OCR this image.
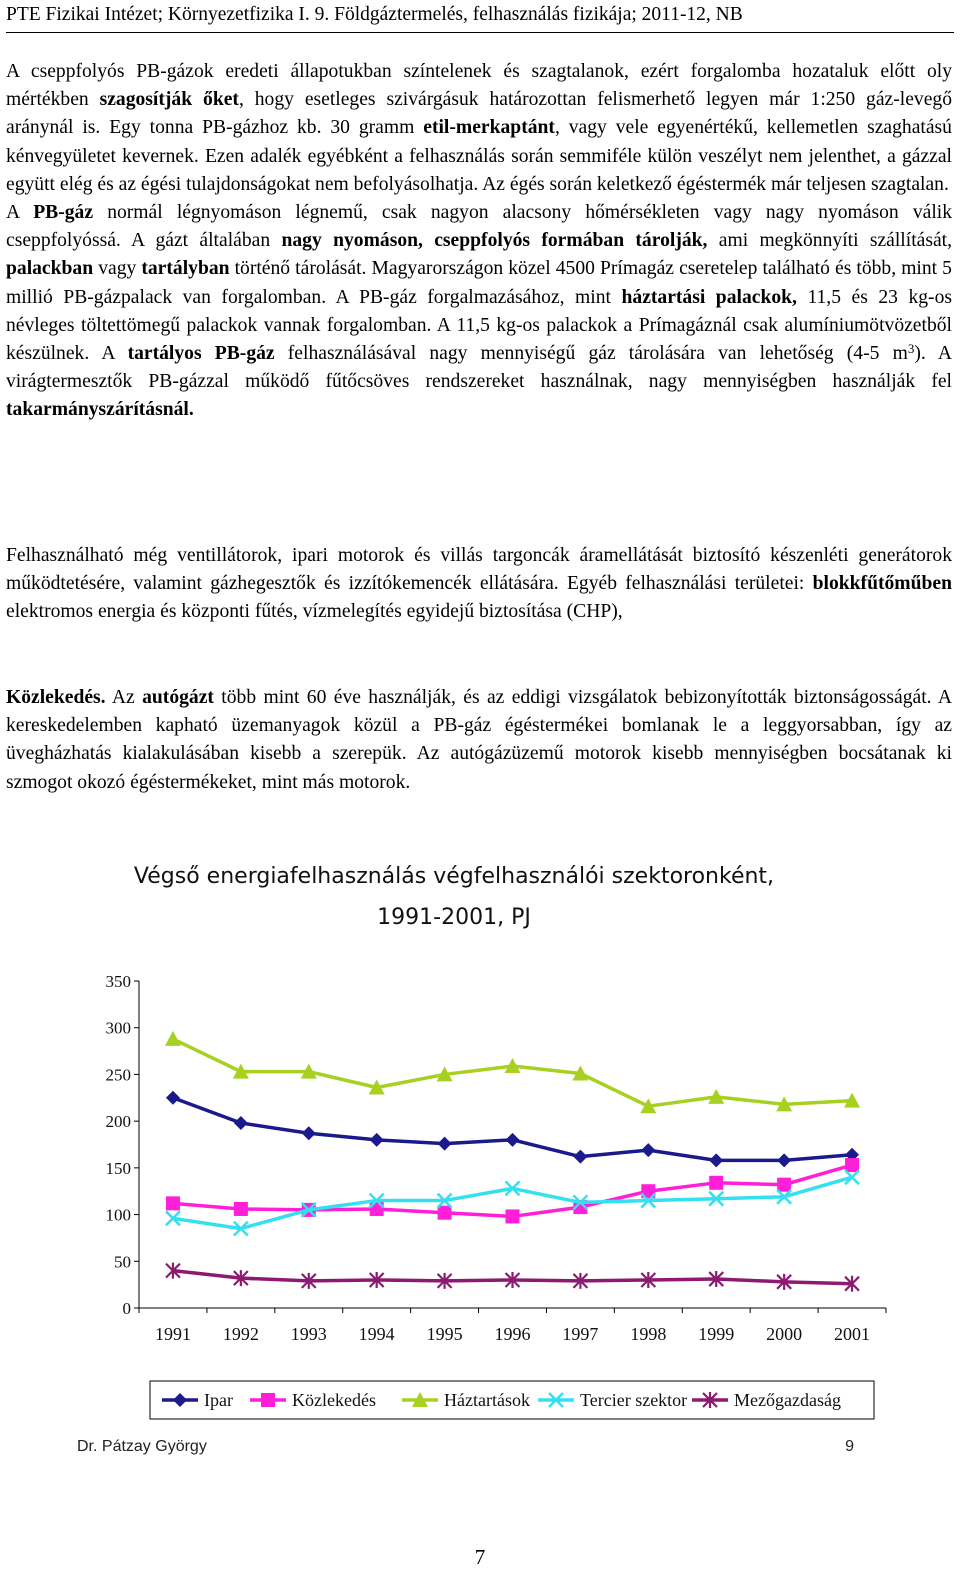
PTE Fizikai Intézet; Környezetfizika I. 9. Földgáztermelés, felhasználás fizikája; 2011-12, NB
A cseppfolyós PB-gázok eredeti állapotukban színtelenek és szagtalanok, ezért forgalomba hozataluk előtt oly mértékben szagosítják őket, hogy esetleges szivárgásuk határozottan felismerhető legyen már 1:250 gáz-levegő aránynál is. Egy tonna PB-gázhoz kb. 30 gramm etil-merkaptánt, vagy vele egyenértékű, kellemetlen szaghatású kénvegyületet kevernek. Ezen adalék egyébként a felhasználás során semmiféle külön veszélyt nem jelenthet, a gázzal együtt elég és az égési tulajdonságokat nem befolyásolhatja. Az égés során keletkező égéstermék már teljesen szagtalan.
A PB-gáz normál légnyomáson légnemű, csak nagyon alacsony hőmérsékleten vagy nagy nyomáson válik cseppfolyóssá. A gázt általában nagy nyomáson, cseppfolyós formában tárolják, ami megkönnyíti szállítását, palackban vagy tartályban történő tárolását. Magyarországon közel 4500 Prímagáz cseretelep található és több, mint 5 millió PB-gázpalack van forgalomban. A PB-gáz forgalmazásához, mint háztartási palackok, 11,5 és 23 kg-os névleges töltettömegű palackok vannak forgalomban. A 11,5 kg-os palackok a Prímagáznál csak alumíniumötvözetből készülnek. A tartályos PB-gáz felhasználásával nagy mennyiségű gáz tárolására van lehetőség (4-5 $m^3$). A virágtermesztők PB-gázzal működő fűtőcsöves rendszereket használnak, nagy mennyiségben használják fel takarmányszárításnál.
Felhasználható még ventillátorok, ipari motorok és villás targoncák áramellátását biztosító készenléti generátorok működtetésére, valamint gázhegesztők és izzítókemencék ellátására. Egyéb felhasználási területei: blokkfűtőműben elektromos energia és központi fűtés, vízmelegítés egyidejű biztosítása (CHP),
Közlekedés. Az autógázt több mint 60 éve használják, és az eddigi vizsgálatok bebizonyították biztonságosságát. A kereskedelemben kapható üzemanyagok közül a PB-gáz égéstermékei bomlanak le a leggyorsabban, így az üvegházhatás kialakulásában kisebb a szerepük. Az autógázüzemű motorok kisebb mennyiségben bocsátanak ki szmogot okozó égéstermékeket, mint más motorok.
Végső energiafelhasználás végfelhasználói szektoronként,
1991-2001, PJ
0
50
100
150
200
250
300
350
1991 1992 1993 1994 1995 1996 1997 1998 1999 2000 2001
Ipar	Közlekedés	Háztartások	Tercier szektor	Mezőgazdaság
Dr. Pátzay György	9
7
